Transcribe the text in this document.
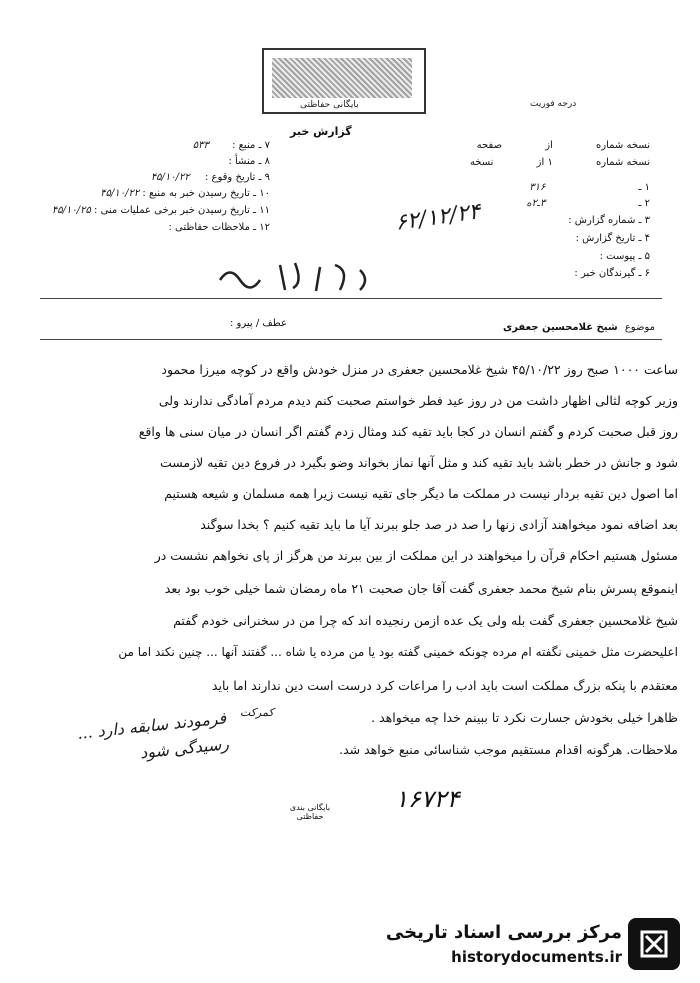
بایگانی حفاظتی	درجه فوریت
گزارش خبر
۷ ـ منبع : ۵۳۳
۸ ـ منشأ :
۹ ـ تاریخ وقوع : ۴۵/۱۰/۲۲
۱۰ ـ تاریخ رسیدن خبر به منبع : ۴۵/۱۰/۲۲
۱۱ ـ تاریخ رسیدن خبر برخی عملیات منی : ۴۵/۱۰/۲۵
۱۲ ـ ملاحظات حفاظتی :
نسخه شماره از صفحه
نسخه شماره ۱ از نسخه
۱ ـ ۳۱۶
۲ ـ ۳ـ۲ه
۳ ـ شماره گزارش :
۴ ـ تاریخ گزارش :
۵ ـ پیوست :
۶ ـ گیرندگان خبر :
۶۲/۱۲/۲۴
عطف / پیرو :	موضوع شیخ غلامحسین جعفری
ساعت ۱۰۰۰ صبح روز ۴۵/۱۰/۲۲ شیخ غلامحسین جعفری در منزل خودش واقع در کوچه میرزا محمود
وزیر کوچه لثالی اظهار داشت من در روز عید فطر خواستم صحبت کنم دیدم مردم آمادگی ندارند ولی
روز قبل صحبت کردم و گفتم انسان در کجا باید تقیه کند ومثال زدم گفتم اگر انسان در میان سنی ها واقع
شود و جانش در خطر باشد باید تقیه کند و مثل آنها نماز بخواند وضو بگیرد در فروع دین تقیه لازمست
اما اصول دین تقیه بردار نیست در مملکت ما دیگر جای تقیه نیست زیرا همه مسلمان و شیعه هستیم
بعد اضافه نمود میخواهند آزادی زنها را صد در صد جلو ببرند آیا ما باید تقیه کنیم ؟ بخدا سوگند
مسئول هستیم احکام قرآن را میخواهند در این مملکت از بین ببرند من هرگز از پای نخواهم نشست در
اینموقع پسرش بنام شیخ محمد جعفری گفت آقا جان صحبت ۲۱ ماه رمضان شما خیلی خوب بود بعد
شیخ غلامحسین جعفری گفت بله ولی یک عده ازمن رنجیده اند که چرا من در سخنرانی خودم گفتم
اعلیحضرت مثل خمینی نگفته ام مرده چونکه خمینی گفته بود یا من مرده یا شاه ... گفتند آنها ... چنین نکند اما من
معتقدم با پنکه بزرگ مملکت است باید ادب را مراعات کرد درست است دین ندارند اما باید
ظاهرا خیلی بخودش جسارت نکرد تا ببینم خدا چه میخواهد .
ملاحظات. هرگونه اقدام مستقیم موجب شناسائی منبع خواهد شد.
کمرکت
فرمودند سابقه دارد ... رسیدگی شود
۱۶۷۲۴
بایگانی بندی حفاظتی
مرکز بررسی اسناد تاریخی
historydocuments.ir
